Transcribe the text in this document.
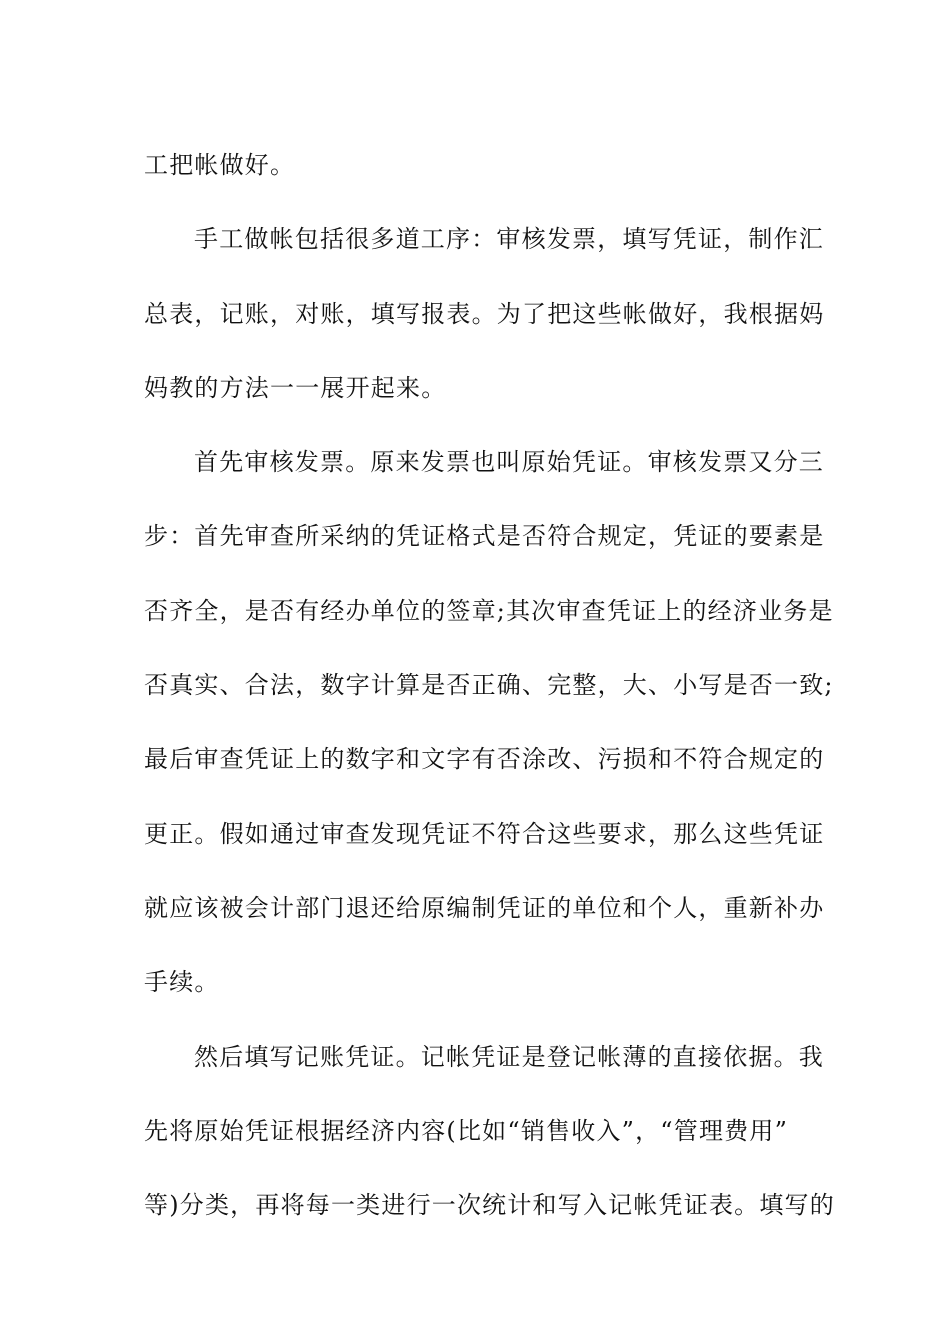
工把帐做好。
手工做帐包括很多道工序：审核发票，填写凭证，制作汇
总表，记账，对账，填写报表。为了把这些帐做好，我根据妈
妈教的方法一一展开起来。
首先审核发票。原来发票也叫原始凭证。审核发票又分三
步：首先审查所采纳的凭证格式是否符合规定，凭证的要素是
否齐全，是否有经办单位的签章;其次审查凭证上的经济业务是
否真实、合法，数字计算是否正确、完整，大、小写是否一致;
最后审查凭证上的数字和文字有否涂改、污损和不符合规定的
更正。假如通过审查发现凭证不符合这些要求，那么这些凭证
就应该被会计部门退还给原编制凭证的单位和个人，重新补办
手续。
然后填写记账凭证。记帐凭证是登记帐薄的直接依据。我
先将原始凭证根据经济内容(比如“销售收入”，“管理费用”
等)分类，再将每一类进行一次统计和写入记帐凭证表。填写的
